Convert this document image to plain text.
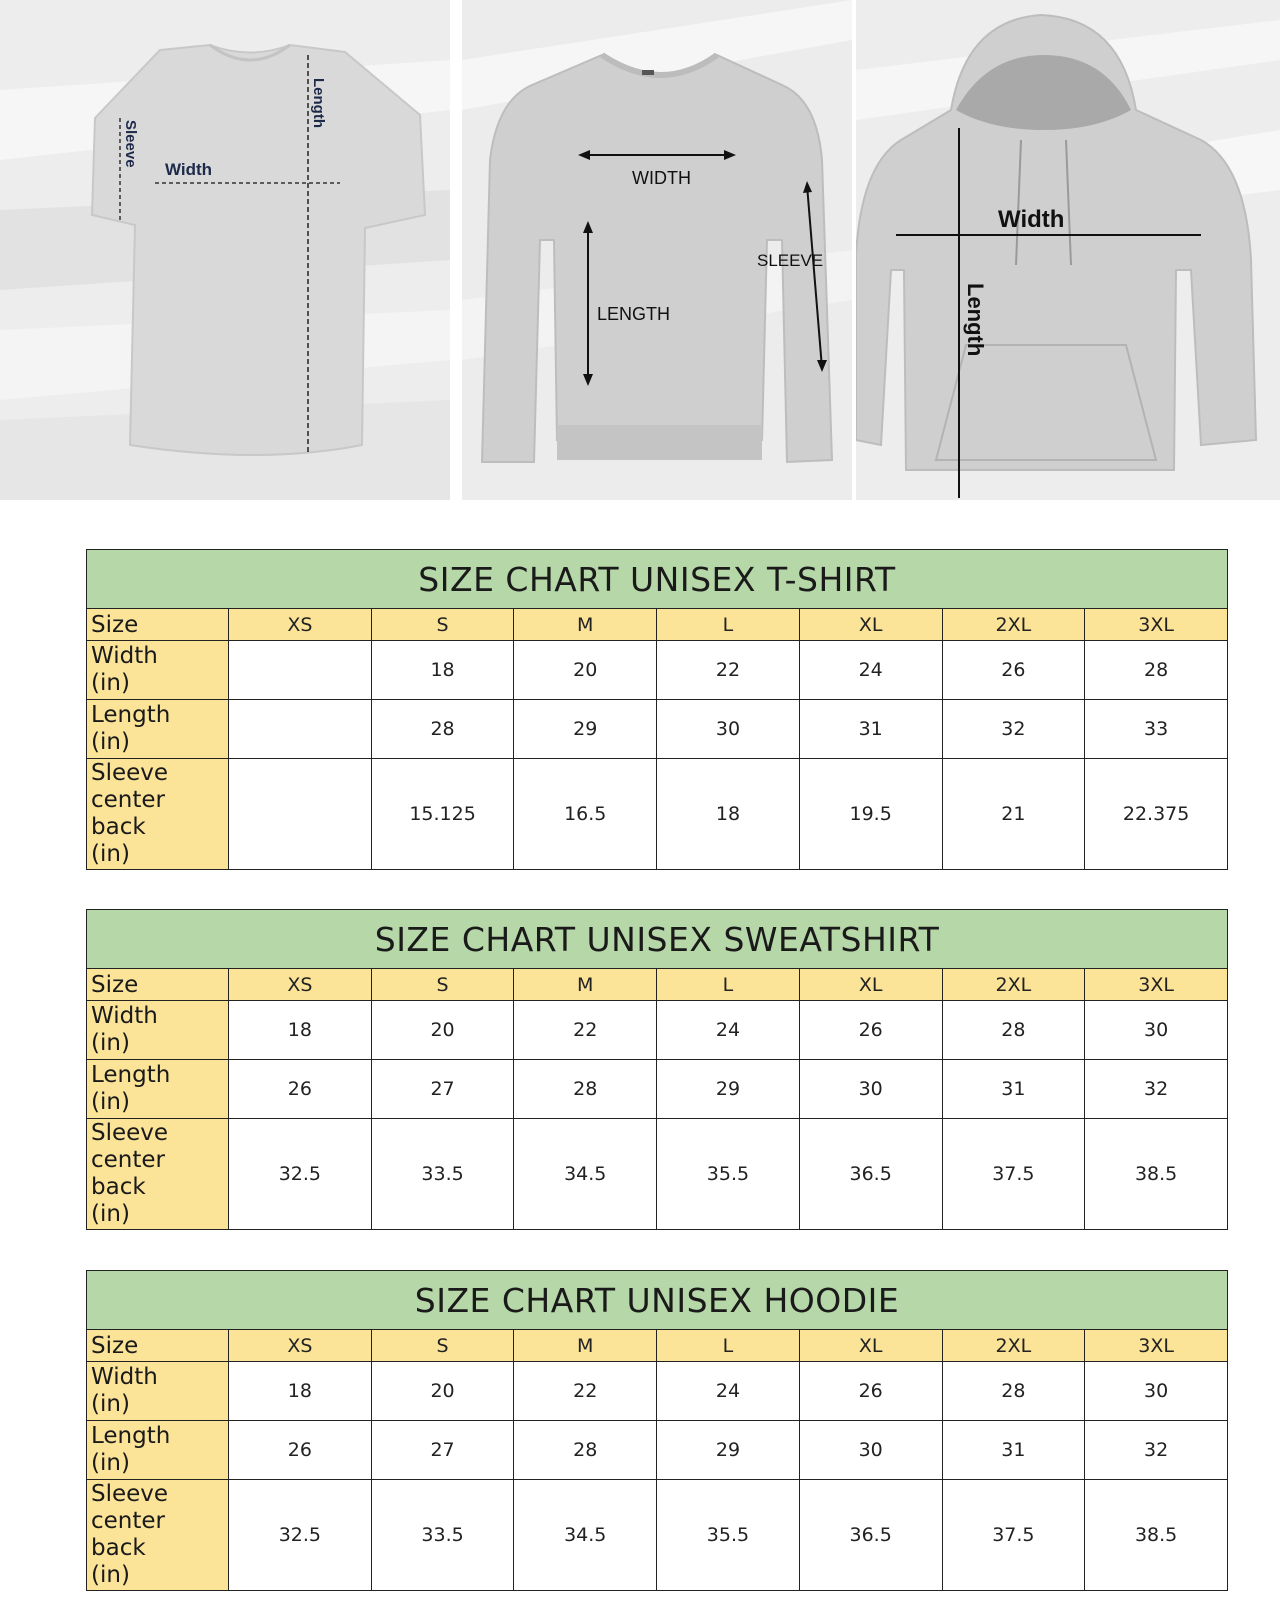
Sleeve
Width
Length
WIDTH
LENGTH
SLEEVE
Width
Length
SIZE CHART UNISEX T-SHIRT							
Size	XS	S	M	L	XL	2XL	3XL
Width
(in)		18	20	22	24	26	28
Length
(in)		28	29	30	31	32	33
Sleeve
center
back
(in)		15.125	16.5	18	19.5	21	22.375
SIZE CHART UNISEX SWEATSHIRT							
Size	XS	S	M	L	XL	2XL	3XL
Width
(in)	18	20	22	24	26	28	30
Length
(in)	26	27	28	29	30	31	32
Sleeve
center
back
(in)	32.5	33.5	34.5	35.5	36.5	37.5	38.5
SIZE CHART UNISEX HOODIE							
Size	XS	S	M	L	XL	2XL	3XL
Width
(in)	18	20	22	24	26	28	30
Length
(in)	26	27	28	29	30	31	32
Sleeve
center
back
(in)	32.5	33.5	34.5	35.5	36.5	37.5	38.5
